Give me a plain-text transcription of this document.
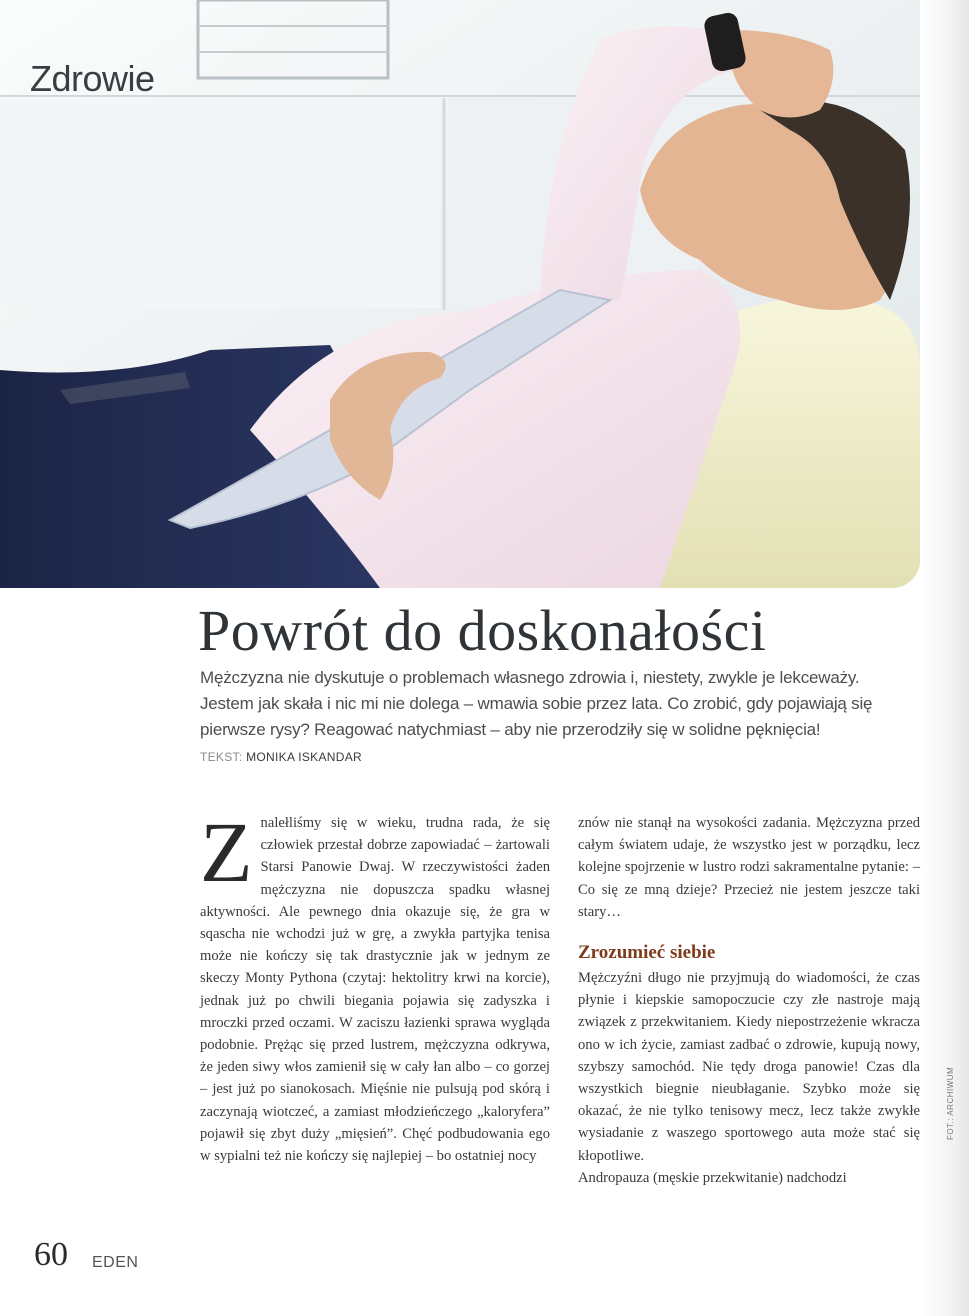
Zdrowie
Powrót do doskonałości

Mężczyzna nie dyskutuje o problemach własnego zdrowia i, niestety, zwykle je lekceważy. Jestem jak skała i nic mi nie dolega – wmawia sobie przez lata. Co zrobić, gdy pojawiają się pierwsze rysy? Reagować natychmiast – aby nie przerodziły się w solidne pęknięcia!

TEKST: MONIKA ISKANDAR
Z nalełliśmy się w wieku, trudna rada, że się człowiek przestał dobrze zapowiadać – żartowali Starsi Panowie Dwaj. W rzeczywistości żaden mężczyzna nie dopuszcza spadku własnej aktywności. Ale pewnego dnia okazuje się, że gra w sqascha nie wchodzi już w grę, a zwykła partyjka tenisa może nie kończy się tak drastycznie jak w jednym ze skeczy Monty Pythona (czytaj: hektolitry krwi na korcie), jednak już po chwili biegania pojawia się zadyszka i mroczki przed oczami. W zaciszu łazienki sprawa wygląda podobnie. Prężąc się przed lustrem, mężczyzna odkrywa, że jeden siwy włos zamienił się w cały łan albo – co gorzej – jest już po sianokosach. Mięśnie nie pulsują pod skórą i zaczynają wiotczeć, a zamiast młodzieńczego „kaloryfera” pojawił się zbyt duży „mięsień”. Chęć podbudowania ego w sypialni też nie kończy się najlepiej – bo ostatniej nocy

znów nie stanął na wysokości zadania. Mężczyzna przed całym światem udaje, że wszystko jest w porządku, lecz kolejne spojrzenie w lustro rodzi sakramentalne pytanie: – Co się ze mną dzieje? Przecież nie jestem jeszcze taki stary…

Zrozumieć siebie

Mężczyźni długo nie przyjmują do wiadomości, że czas płynie i kiepskie samopoczucie czy złe nastroje mają związek z przekwitaniem. Kiedy niepostrzeżenie wkracza ono w ich życie, zamiast zadbać o zdrowie, kupują nowy, szybszy samochód. Nie tędy droga panowie! Czas dla wszystkich biegnie nieubłaganie. Szybko może się okazać, że nie tylko tenisowy mecz, lecz także zwykłe wysiadanie z waszego sportowego auta może stać się kłopotliwe.

Andropauza (męskie przekwitanie) nadchodzi

60 EDEN
FOT.: ARCHIWUM
